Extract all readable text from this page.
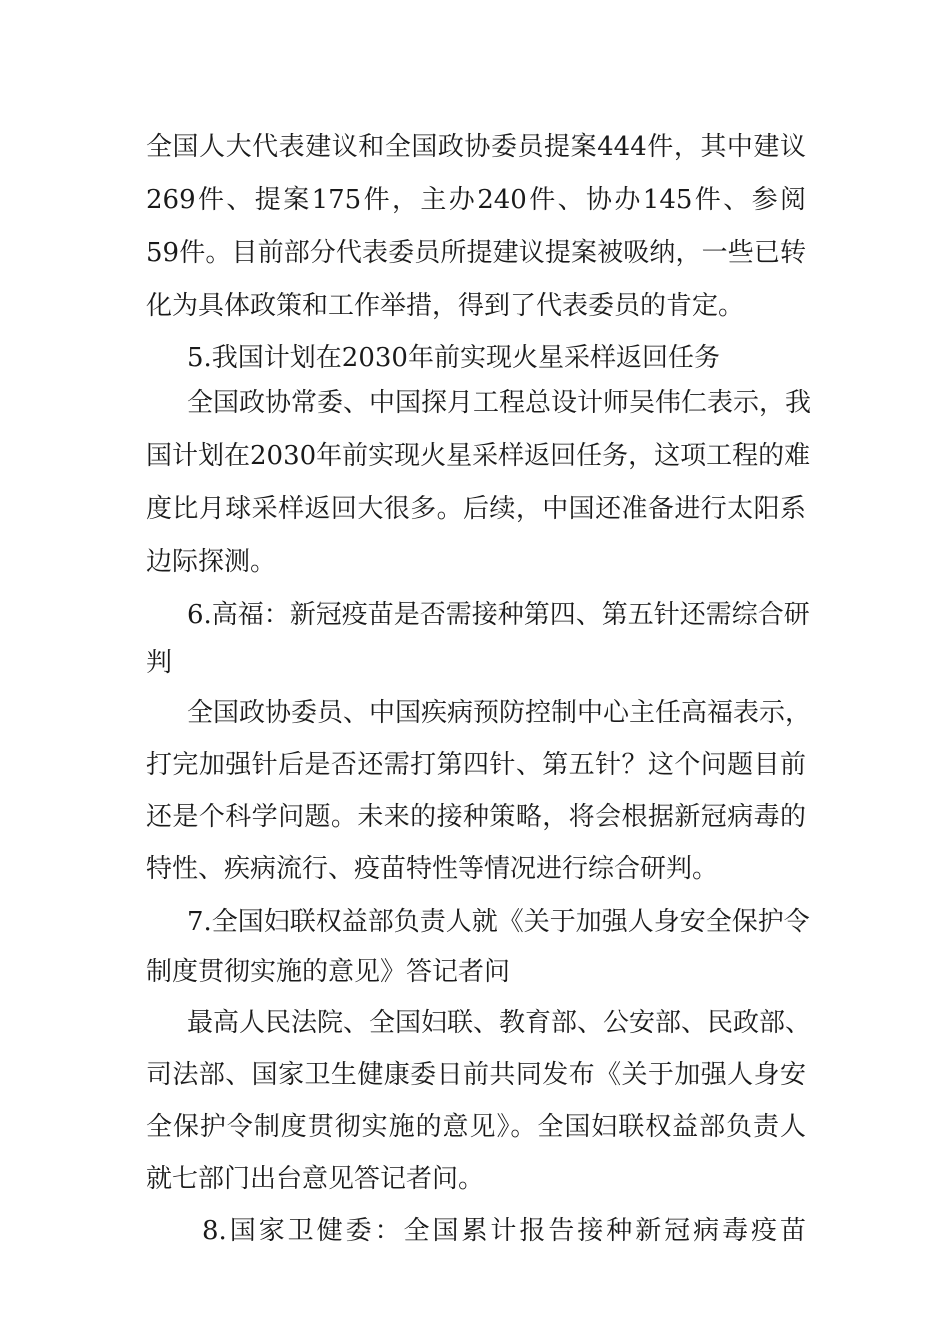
全国人大代表建议和全国政协委员提案444件，其中建议
269件、提案175件，主办240件、协办145件、参阅
59件。目前部分代表委员所提建议提案被吸纳，一些已转
化为具体政策和工作举措，得到了代表委员的肯定。
5.我国计划在2030年前实现火星采样返回任务
全国政协常委、中国探月工程总设计师吴伟仁表示，我
国计划在2030年前实现火星采样返回任务，这项工程的难
度比月球采样返回大很多。后续，中国还准备进行太阳系
边际探测。
6.高福：新冠疫苗是否需接种第四、第五针还需综合研
判
全国政协委员、中国疾病预防控制中心主任高福表示，
打完加强针后是否还需打第四针、第五针？这个问题目前
还是个科学问题。未来的接种策略，将会根据新冠病毒的
特性、疾病流行、疫苗特性等情况进行综合研判。
7.全国妇联权益部负责人就《关于加强人身安全保护令
制度贯彻实施的意见》答记者问
最高人民法院、全国妇联、教育部、公安部、民政部、
司法部、国家卫生健康委日前共同发布《关于加强人身安
全保护令制度贯彻实施的意见》。全国妇联权益部负责人
就七部门出台意见答记者问。
8.国家卫健委：全国累计报告接种新冠病毒疫苗
